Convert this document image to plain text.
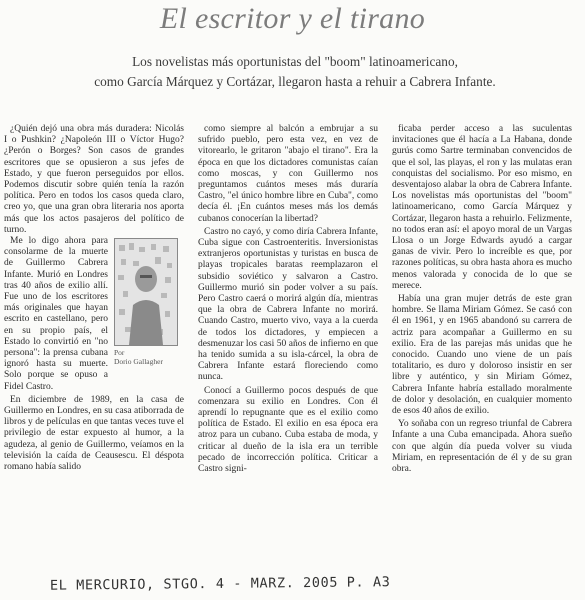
El escritor y el tirano
Los novelistas más oportunistas del "boom" latinoamericano,
como García Márquez y Cortázar, llegaron hasta a rehuir a Cabrera Infante.

¿Quién dejó una obra más duradera: Nicolás I o Pushkin? ¿Napoleón III o Víctor Hugo? ¿Perón o Borges? Son casos de grandes escritores que se opusieron a sus jefes de Estado, y que fueron perseguidos por ellos. Podemos discutir sobre quién tenía la razón política. Pero en todos los casos queda claro, creo yo, que una gran obra literaria nos aporta más que los actos pasajeros del político de turno.

Por
Dorio Gallagher

Me lo digo ahora para consolarme de la muerte de Guillermo Cabrera Infante. Murió en Londres tras 40 años de exilio allí. Fue uno de los escritores más originales que hayan escrito en castellano, pero en su propio país, el Estado lo convirtió en "no persona": la prensa cubana ignoró hasta su muerte. Solo porque se opuso a Fidel Castro.

En diciembre de 1989, en la casa de Guillermo en Londres, en su casa atiborrada de libros y de películas en que tantas veces tuve el privilegio de estar expuesto al humor, a la agudeza, al genio de Guillermo, veíamos en la televisión la caída de Ceausescu. El déspota romano había salido

como siempre al balcón a embrujar a su sufrido pueblo, pero esta vez, en vez de vitorearlo, le gritaron "abajo el tirano". Era la época en que los dictadores comunistas caían como moscas, y con Guillermo nos preguntamos cuántos meses más duraría Castro, "el único hombre libre en Cuba", como decía él. ¡En cuántos meses más los demás cubanos conocerían la libertad?

Castro no cayó, y como diría Cabrera Infante, Cuba sigue con Castroenteritis. Inversionistas extranjeros oportunistas y turistas en busca de playas tropicales baratas reemplazaron el subsidio soviético y salvaron a Castro. Guillermo murió sin poder volver a su país. Pero Castro caerá o morirá algún día, mientras que la obra de Cabrera Infante no morirá. Cuando Castro, muerto vivo, vaya a la cuerda de todos los dictadores, y empiecen a desmenuzar los casi 50 años de infierno en que ha tenido sumida a su isla-cárcel, la obra de Cabrera Infante estará floreciendo como nunca.

Conocí a Guillermo pocos después de que comenzara su exilio en Londres. Con él aprendí lo repugnante que es el exilio como política de Estado. El exilio en esa época era atroz para un cubano. Cuba estaba de moda, y criticar al dueño de la isla era un terrible pecado de incorrección política. Criticar a Castro signi-

ficaba perder acceso a las suculentas invitaciones que él hacía a La Habana, donde gurús como Sartre terminaban convencidos de que el sol, las playas, el ron y las mulatas eran conquistas del socialismo. Por eso mismo, en desventajoso alabar la obra de Cabrera Infante. Los novelistas más oportunistas del "boom" latinoamericano, como García Márquez y Cortázar, llegaron hasta a rehuirlo. Felizmente, no todos eran así: el apoyo moral de un Vargas Llosa o un Jorge Edwards ayudó a cargar ganas de vivir. Pero lo increíble es que, por razones políticas, su obra hasta ahora es mucho menos valorada y conocida de lo que se merece.

Había una gran mujer detrás de este gran hombre. Se llama Miriam Gómez. Se casó con él en 1961, y en 1965 abandonó su carrera de actriz para acompañar a Guillermo en su exilio. Era de las parejas más unidas que he conocido. Cuando uno viene de un país totalitario, es duro y doloroso insistir en ser libre y auténtico, y sin Miriam Gómez, Cabrera Infante habría estallado moralmente de dolor y desolación, en cualquier momento de esos 40 años de exilio.

Yo soñaba con un regreso triunfal de Cabrera Infante a una Cuba emancipada. Ahora sueño con que algún día pueda volver su viuda Miriam, en representación de él y de su gran obra.

EL MERCURIO, STGO. 4 - MARZ. 2005 P. A3
